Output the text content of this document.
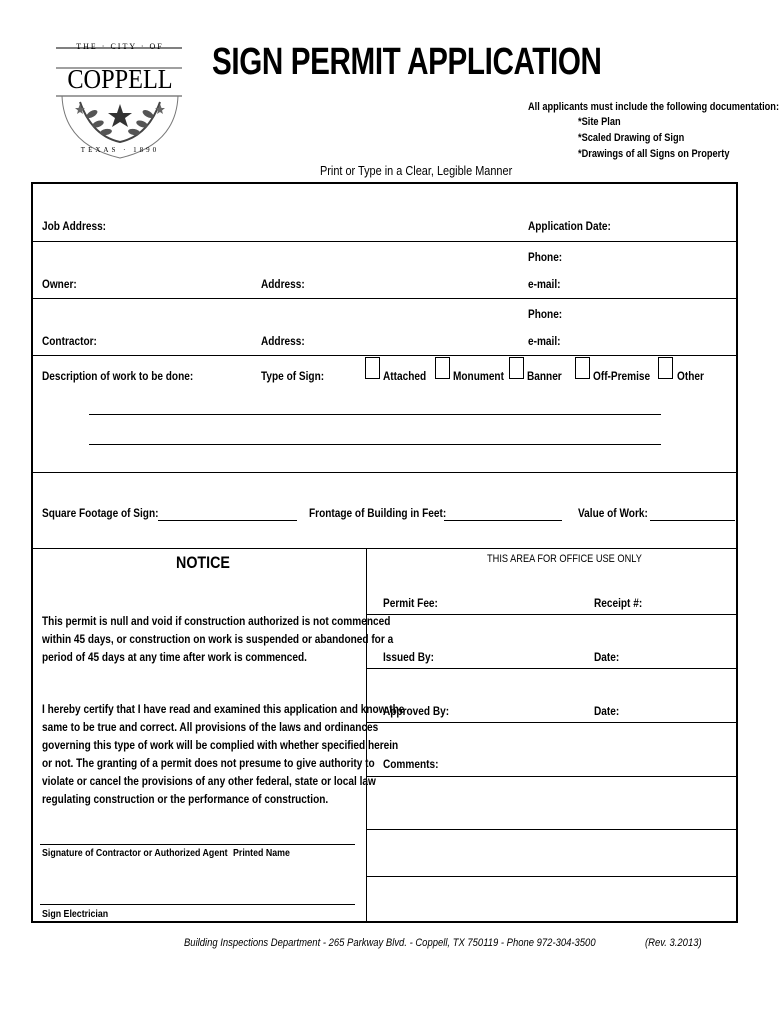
THE · CITY · OF
COPPELL
TEXAS · 1890
SIGN PERMIT APPLICATION
All applicants must include the following documentation:
*Site Plan
*Scaled Drawing of Sign
*Drawings of all Signs on Property
Print or Type in a Clear, Legible Manner
Job Address:	Application Date:
Phone:
Owner:	Address:	e-mail:
Phone:
Contractor:	Address:	e-mail:
Description of work to be done:	Type of Sign:	Attached Monument Banner	Off-Premise Other
Square Footage of Sign:	Frontage of Building in Feet:	Value of Work:
NOTICE
This permit is null and void if construction authorized is not commenced
within 45 days, or construction on work is suspended or abandoned for a
period of 45 days at any time after work is commenced.
I hereby certify that I have read and examined this application and know the
same to be true and correct. All provisions of the laws and ordinances
governing this type of work will be complied with whether specified herein
or not. The granting of a permit does not presume to give authority to
violate or cancel the provisions of any other federal, state or local law
regulating construction or the performance of construction.
Signature of Contractor or Authorized Agent Printed Name
Sign Electrician
THIS AREA FOR OFFICE USE ONLY
Permit Fee:	Receipt #:
Issued By:	Date:
Approved By:	Date:
Comments:
Building Inspections Department - 265 Parkway Blvd. - Coppell, TX 750119 - Phone 972-304-3500	(Rev. 3.2013)
